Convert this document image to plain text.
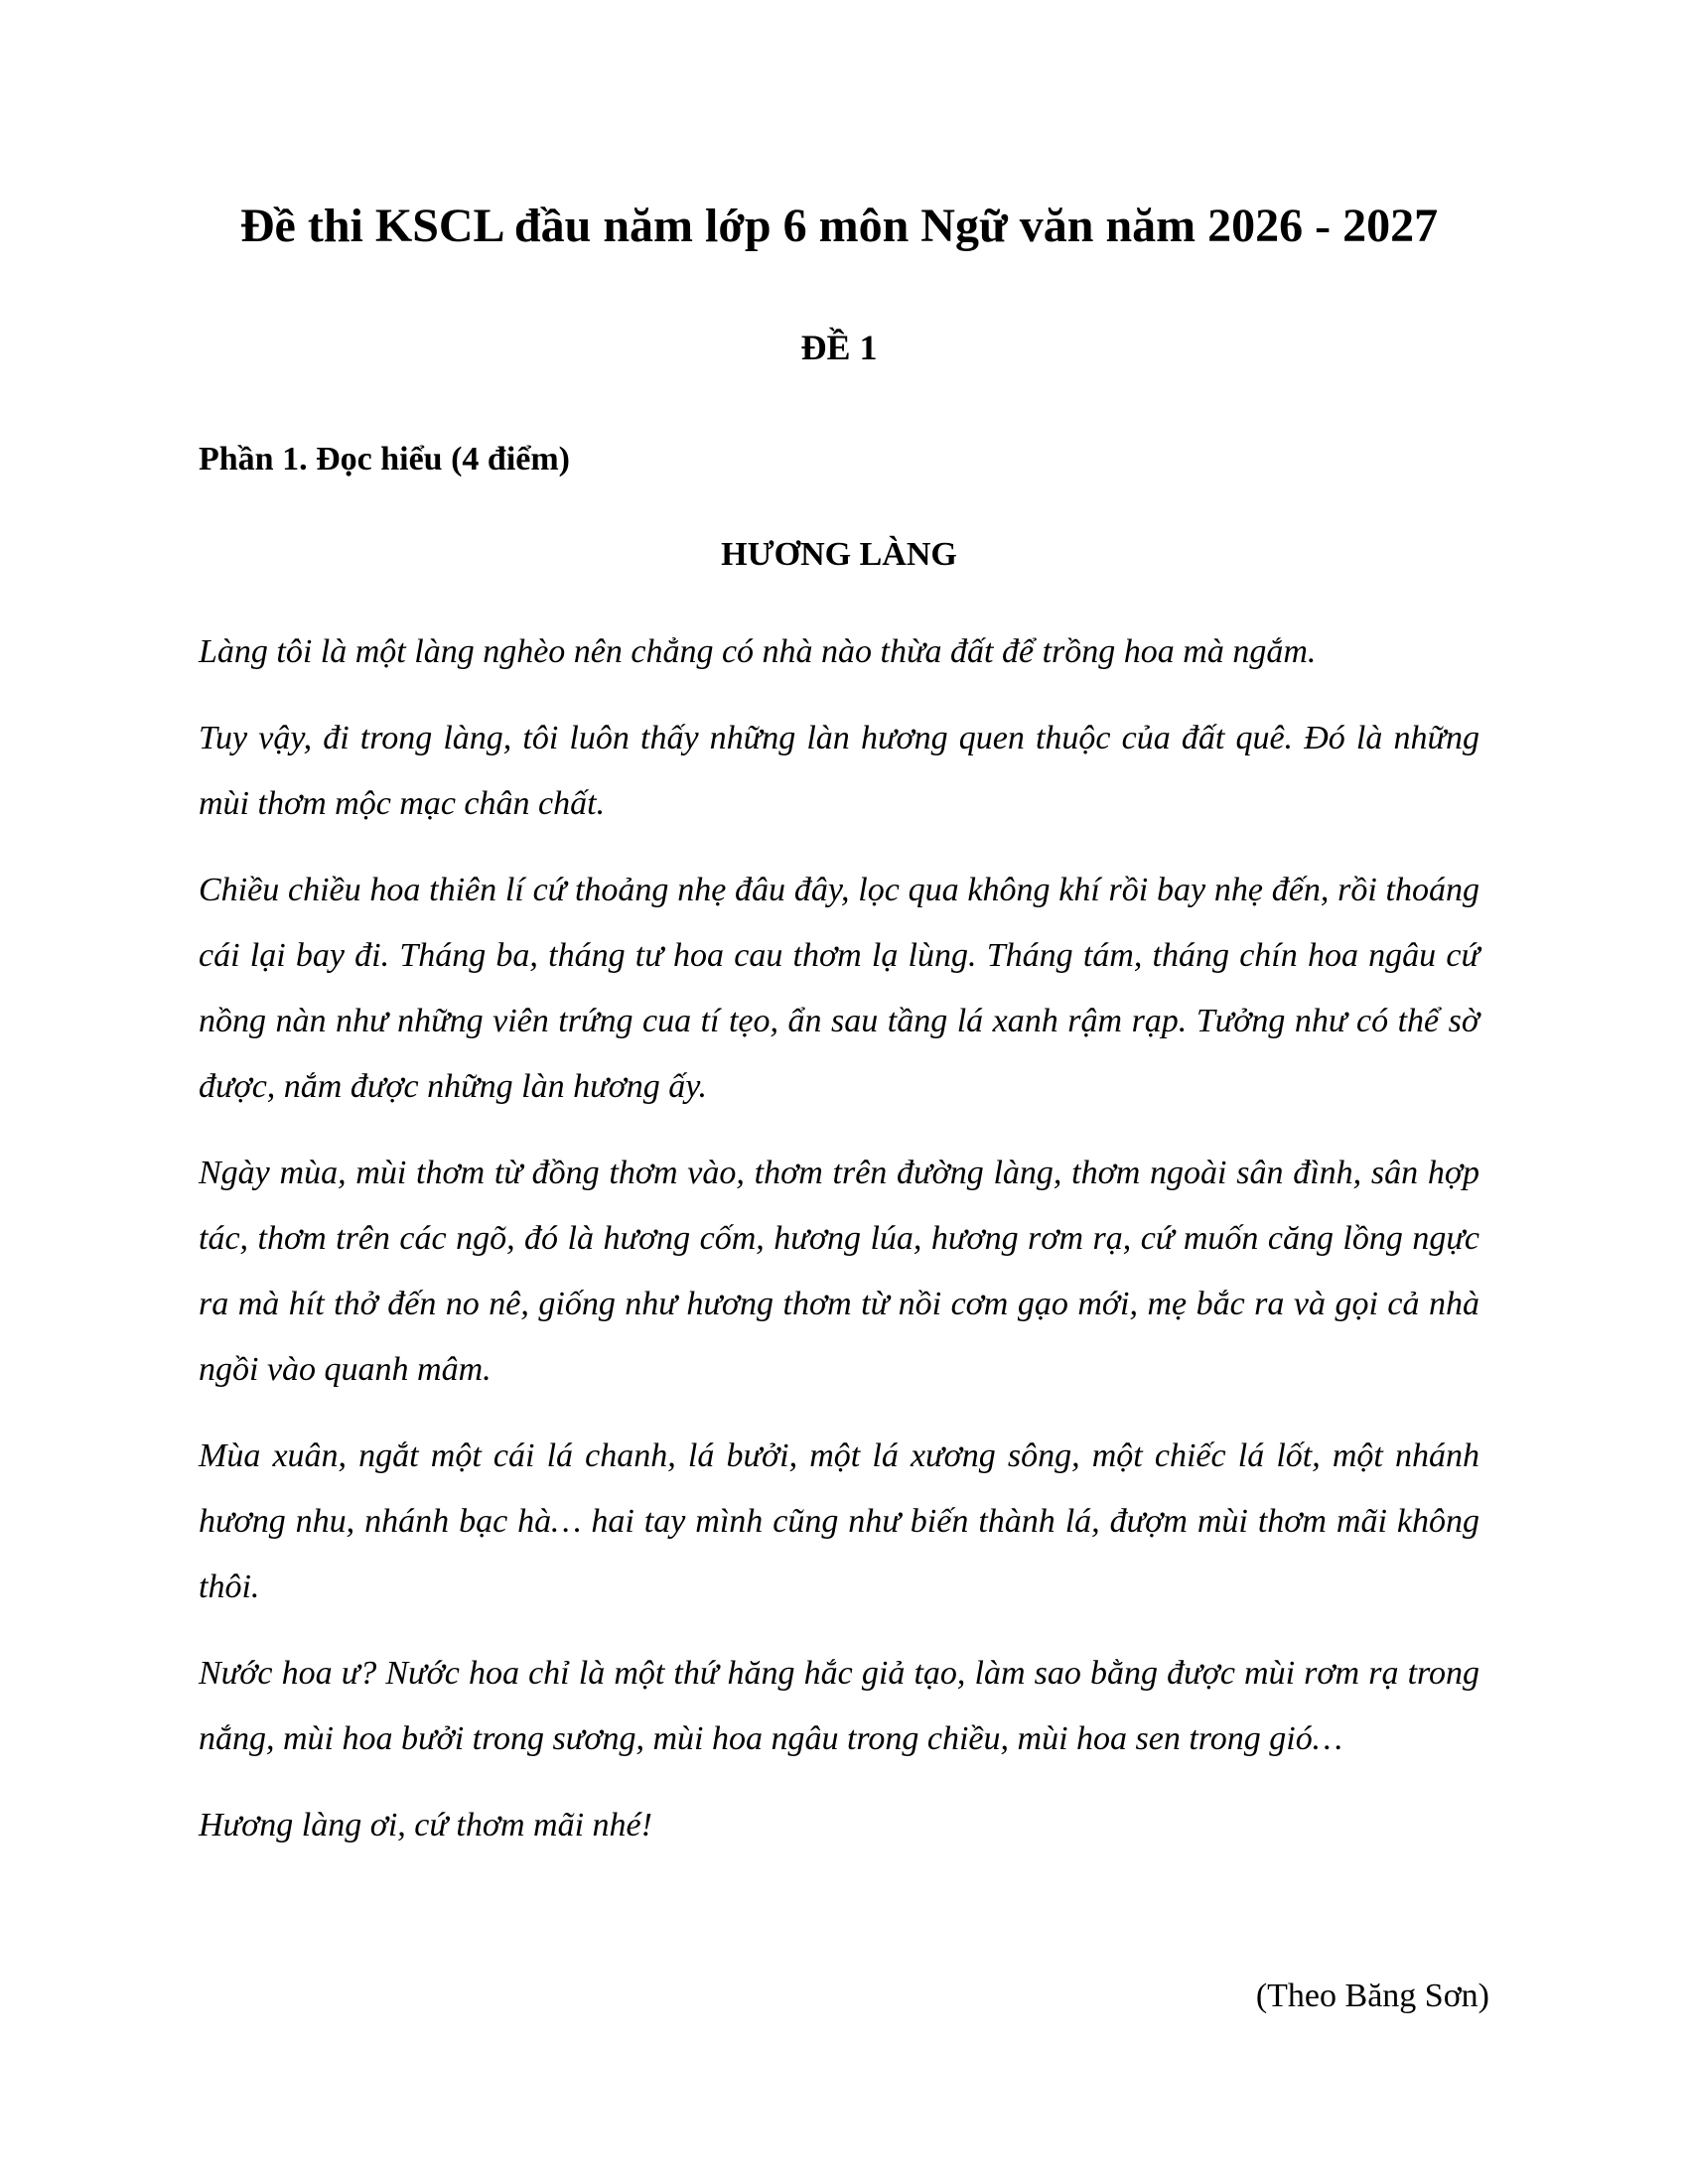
Đề thi KSCL đầu năm lớp 6 môn Ngữ văn năm 2026 - 2027
ĐỀ 1
Phần 1. Đọc hiểu (4 điểm)
HƯƠNG LÀNG

Làng tôi là một làng nghèo nên chẳng có nhà nào thừa đất để trồng hoa mà ngắm.

Tuy vậy, đi trong làng, tôi luôn thấy những làn hương quen thuộc của đất quê. Đó là những mùi thơm mộc mạc chân chất.

Chiều chiều hoa thiên lí cứ thoảng nhẹ đâu đây, lọc qua không khí rồi bay nhẹ đến, rồi thoáng cái lại bay đi. Tháng ba, tháng tư hoa cau thơm lạ lùng. Tháng tám, tháng chín hoa ngâu cứ nồng nàn như những viên trứng cua tí tẹo, ẩn sau tầng lá xanh rậm rạp. Tưởng như có thể sờ được, nắm được những làn hương ấy.

Ngày mùa, mùi thơm từ đồng thơm vào, thơm trên đường làng, thơm ngoài sân đình, sân hợp tác, thơm trên các ngõ, đó là hương cốm, hương lúa, hương rơm rạ, cứ muốn căng lồng ngực ra mà hít thở đến no nê, giống như hương thơm từ nồi cơm gạo mới, mẹ bắc ra và gọi cả nhà ngồi vào quanh mâm.

Mùa xuân, ngắt một cái lá chanh, lá bưởi, một lá xương sông, một chiếc lá lốt, một nhánh hương nhu, nhánh bạc hà… hai tay mình cũng như biến thành lá, đượm mùi thơm mãi không thôi.

Nước hoa ư? Nước hoa chỉ là một thứ hăng hắc giả tạo, làm sao bằng được mùi rơm rạ trong nắng, mùi hoa bưởi trong sương, mùi hoa ngâu trong chiều, mùi hoa sen trong gió…

Hương làng ơi, cứ thơm mãi nhé!

(Theo Băng Sơn)
